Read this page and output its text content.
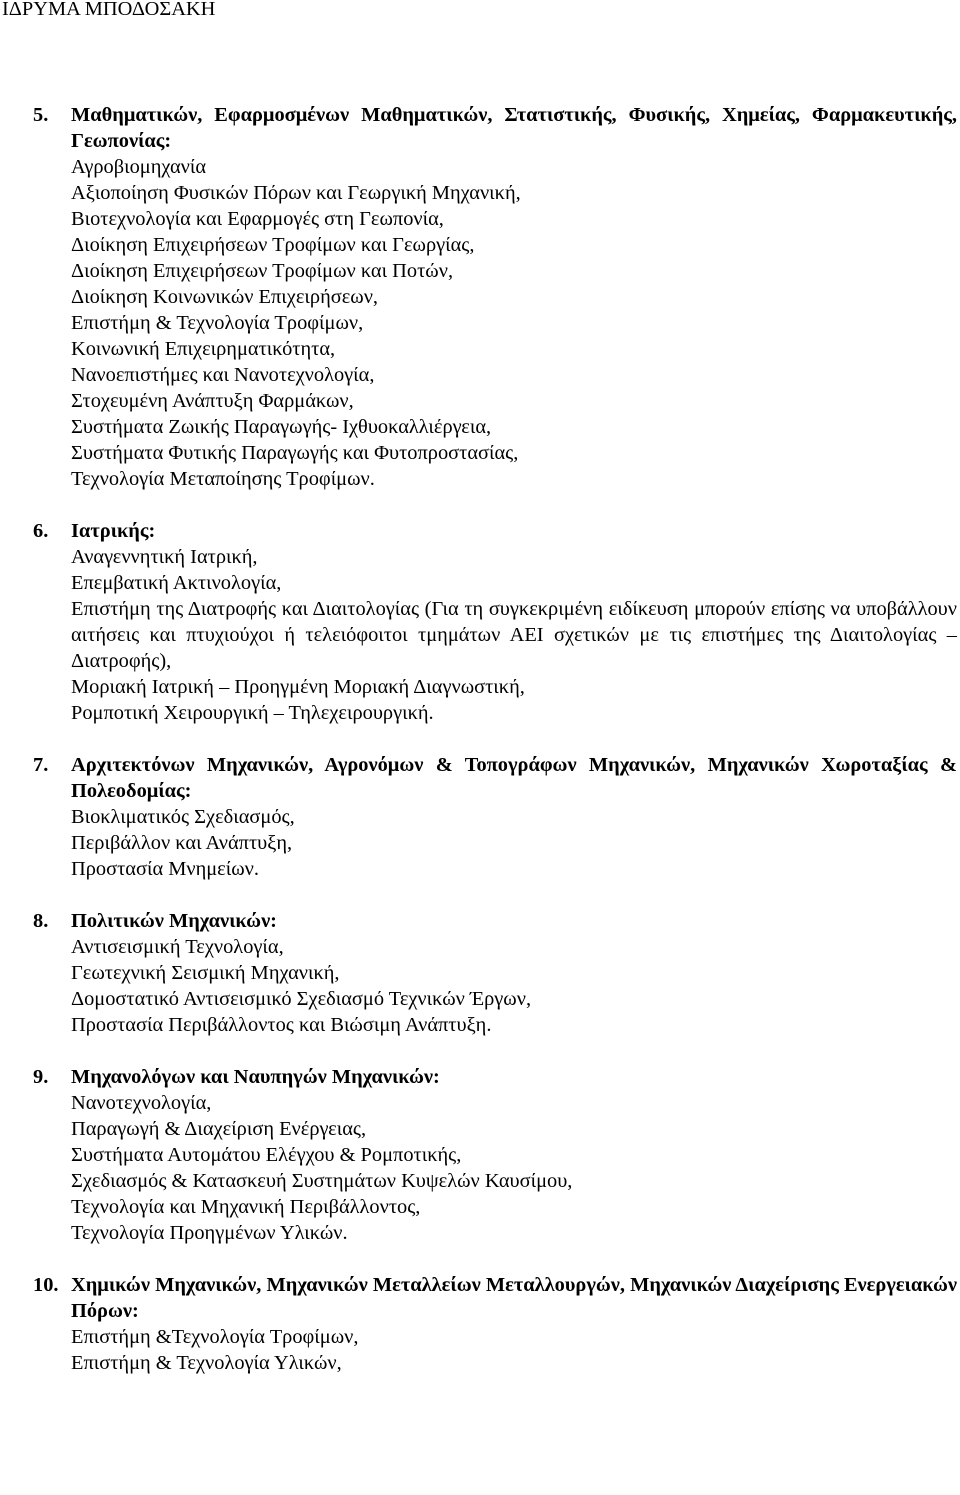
ΙΔΡΥΜΑ ΜΠΟΔΟΣΑΚΗ
5. Μαθηματικών, Εφαρμοσμένων Μαθηματικών, Στατιστικής, Φυσικής, Χημείας, Φαρμακευτικής, Γεωπονίας:
Αγροβιομηχανία
Αξιοποίηση Φυσικών Πόρων και Γεωργική Μηχανική,
Βιοτεχνολογία και Εφαρμογές στη Γεωπονία,
Διοίκηση Επιχειρήσεων Τροφίμων και Γεωργίας,
Διοίκηση Επιχειρήσεων Τροφίμων και Ποτών,
Διοίκηση Κοινωνικών Επιχειρήσεων,
Επιστήμη & Τεχνολογία Τροφίμων,
Κοινωνική Επιχειρηματικότητα,
Νανοεπιστήμες και Νανοτεχνολογία,
Στοχευμένη Ανάπτυξη Φαρμάκων,
Συστήματα Ζωικής Παραγωγής- Ιχθυοκαλλιέργεια,
Συστήματα Φυτικής Παραγωγής και Φυτοπροστασίας,
Τεχνολογία Μεταποίησης Τροφίμων.
6. Ιατρικής:
Αναγεννητική Ιατρική,
Επεμβατική Ακτινολογία,
Επιστήμη της Διατροφής και Διαιτολογίας (Για τη συγκεκριμένη ειδίκευση μπορούν επίσης να υποβάλλουν αιτήσεις και πτυχιούχοι ή τελειόφοιτοι τμημάτων ΑΕΙ σχετικών με τις επιστήμες της Διαιτολογίας – Διατροφής),
Μοριακή Ιατρική – Προηγμένη Μοριακή Διαγνωστική,
Ρομποτική Χειρουργική – Τηλεχειρουργική.
7. Αρχιτεκτόνων Μηχανικών, Αγρονόμων & Τοπογράφων Μηχανικών, Μηχανικών Χωροταξίας & Πολεοδομίας:
Βιοκλιματικός Σχεδιασμός,
Περιβάλλον και Ανάπτυξη,
Προστασία Μνημείων.
8. Πολιτικών Μηχανικών:
Αντισεισμική Τεχνολογία,
Γεωτεχνική Σεισμική Μηχανική,
Δομοστατικό Αντισεισμικό Σχεδιασμό Τεχνικών Έργων,
Προστασία Περιβάλλοντος και Βιώσιμη Ανάπτυξη.
9. Μηχανολόγων και Ναυπηγών Μηχανικών:
Νανοτεχνολογία,
Παραγωγή & Διαχείριση Ενέργειας,
Συστήματα Αυτομάτου Ελέγχου & Ρομποτικής,
Σχεδιασμός & Κατασκευή Συστημάτων Κυψελών Καυσίμου,
Τεχνολογία και Μηχανική Περιβάλλοντος,
Τεχνολογία Προηγμένων Υλικών.
10. Χημικών Μηχανικών, Μηχανικών Μεταλλείων Μεταλλουργών, Μηχανικών Διαχείρισης Ενεργειακών Πόρων:
Επιστήμη &Τεχνολογία Τροφίμων,
Επιστήμη & Τεχνολογία Υλικών,
